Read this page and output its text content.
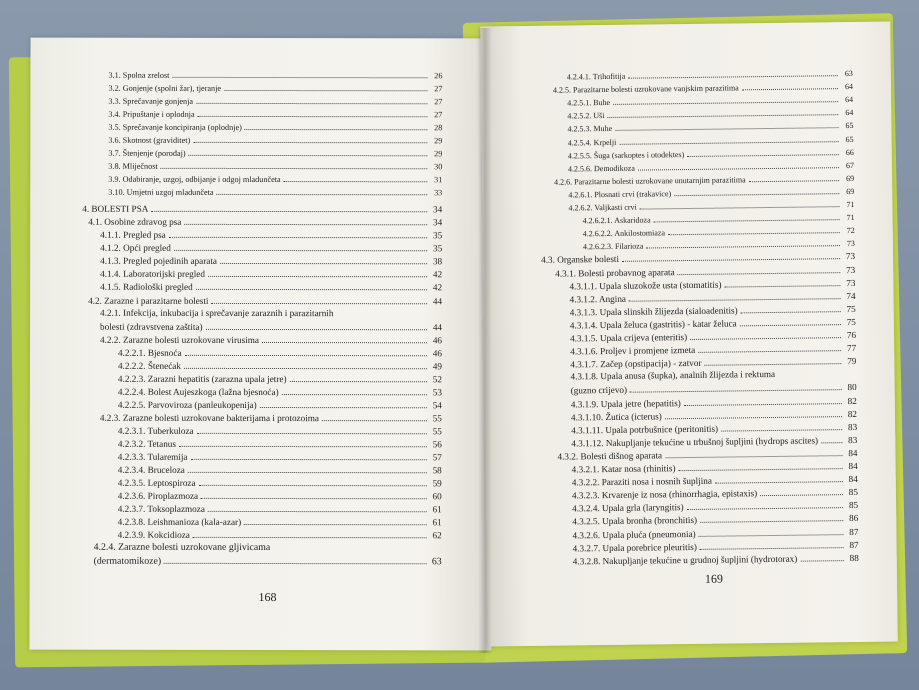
3.1. Spolna zrelost	26
3.2. Gonjenje (spolni žar), tjeranje	27
3.3. Sprečavanje gonjenja	27
3.4. Pripuštanje i oplodnja	27
3.5. Sprečavanje koncipiranja (oplodnje)	28
3.6. Skotnost (graviditet)	29
3.7. Štenjenje (porođaj)	29
3.8. Mliječnost	30
3.9. Odabiranje, uzgoj, odbijanje i odgoj mladunčeta	31
3.10. Umjetni uzgoj mladunčeta	33
4. BOLESTI PSA	34
4.1. Osobine zdravog psa	34
4.1.1. Pregled psa	35
4.1.2. Opći pregled	35
4.1.3. Pregled pojedinih aparata	38
4.1.4. Laboratorijski pregled	42
4.1.5. Radiološki pregled	42
4.2. Zarazne i parazitarne bolesti	44
4.2.1. Infekcija, inkubacija i sprečavanje zaraznih i parazitarnih
bolesti (zdravstvena zaštita)	44
4.2.2. Zarazne bolesti uzrokovane virusima	46
4.2.2.1. Bjesnoća	46
4.2.2.2. Štenećak	49
4.2.2.3. Zarazni hepatitis (zarazna upala jetre)	52
4.2.2.4. Bolest Aujeszkoga (lažna bjesnoća)	53
4.2.2.5. Parvoviroza (panleukopenija)	54
4.2.3. Zarazne bolesti uzrokovane bakterijama i protozoima	55
4.2.3.1. Tuberkuloza	55
4.2.3.2. Tetanus	56
4.2.3.3. Tularemija	57
4.2.3.4. Bruceloza	58
4.2.3.5. Leptospiroza	59
4.2.3.6. Piroplazmoza	60
4.2.3.7. Toksoplazmoza	61
4.2.3.8. Leishmanioza (kala-azar)	61
4.2.3.9. Kokcidioza	62
4.2.4. Zarazne bolesti uzrokovane gljivicama
(dermatomikoze)	63
168
4.2.4.1. Trihofitija	63
4.2.5. Parazitarne bolesti uzrokovane vanjskim parazitima	64
4.2.5.1. Buhe	64
4.2.5.2. Uši	64
4.2.5.3. Muhe	65
4.2.5.4. Krpelji	65
4.2.5.5. Šuga (sarkoptes i otodektes)	66
4.2.5.6. Demodikoza	67
4.2.6. Parazitarne bolesti uzrokovane unutarnjim parazitima	69
4.2.6.1. Plosnati crvi (trakavice)	69
4.2.6.2. Valjkasti crvi	71
4.2.6.2.1. Askaridoza	71
4.2.6.2.2. Ankilostomiaza	72
4.2.6.2.3. Filarioza	73
4.3. Organske bolesti	73
4.3.1. Bolesti probavnog aparata	73
4.3.1.1. Upala sluzokože usta (stomatitis)	73
4.3.1.2. Angina	74
4.3.1.3. Upala slinskih žlijezda (sialoadenitis)	75
4.3.1.4. Upala želuca (gastritis) - katar želuca	75
4.3.1.5. Upala crijeva (enteritis)	76
4.3.1.6. Proljev i promjene izmeta	77
4.3.1.7. Začep (opstipacija) - zatvor	79
4.3.1.8. Upala anusa (šupka), analnih žlijezda i rektuma
(guzno crijevo)	80
4.3.1.9. Upala jetre (hepatitis)	82
4.3.1.10. Žutica (icterus)	82
4.3.1.11. Upala potrbušnice (peritonitis)	83
4.3.1.12. Nakupljanje tekućine u trbušnoj šupljini (hydrops ascites)	83
4.3.2. Bolesti dišnog aparata	84
4.3.2.1. Katar nosa (rhinitis)	84
4.3.2.2. Paraziti nosa i nosnih šupljina	84
4.3.2.3. Krvarenje iz nosa (rhinorrhagia, epistaxis)	85
4.3.2.4. Upala grla (laryngitis)	85
4.3.2.5. Upala bronha (bronchitis)	86
4.3.2.6. Upala pluća (pneumonia)	87
4.3.2.7. Upala porebrice pleuritis)	87
4.3.2.8. Nakupljanje tekućine u grudnoj šupljini (hydrotorax)	88
169
